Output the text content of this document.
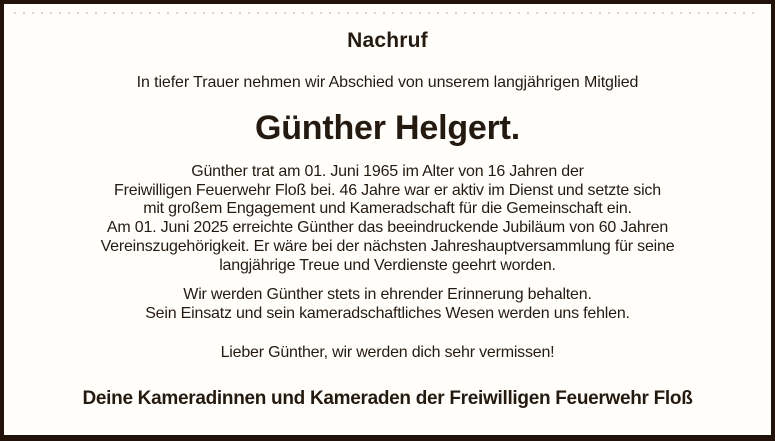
Nachruf

In tiefer Trauer nehmen wir Abschied von unserem langjährigen Mitglied

Günther Helgert.
Günther trat am 01. Juni 1965 im Alter von 16 Jahren der
Freiwilligen Feuerwehr Floß bei. 46 Jahre war er aktiv im Dienst und setzte sich
mit großem Engagement und Kameradschaft für die Gemeinschaft ein.
Am 01. Juni 2025 erreichte Günther das beeindruckende Jubiläum von 60 Jahren
Vereinszugehörigkeit. Er wäre bei der nächsten Jahreshauptversammlung für seine
langjährige Treue und Verdienste geehrt worden.
Wir werden Günther stets in ehrender Erinnerung behalten.
Sein Einsatz und sein kameradschaftliches Wesen werden uns fehlen.

Lieber Günther, wir werden dich sehr vermissen!

Deine Kameradinnen und Kameraden der Freiwilligen Feuerwehr Floß
